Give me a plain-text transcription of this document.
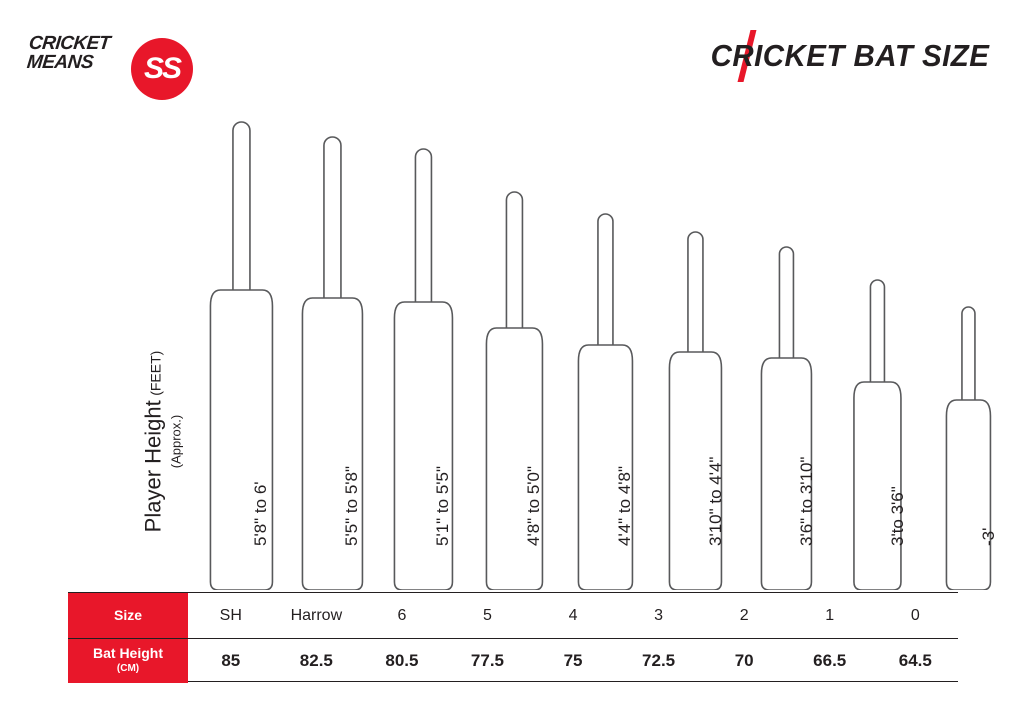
CRICKET
MEANS	SS	CRICKET BAT SIZE
Player Height (FEET)
(Approx.)
5'8" to 6'	5'5" to 5'8"	5'1" to 5'5"	4'8" to 5'0"	4'4" to 4'8"	3'10" to 4'4"	3'6" to 3'10"	3'to 3'6"	-3'
Size	SH	Harrow	6	5	4	3	2	1	0
Bat Height
(CM)	85	82.5	80.5	77.5	75	72.5	70	66.5	64.5
